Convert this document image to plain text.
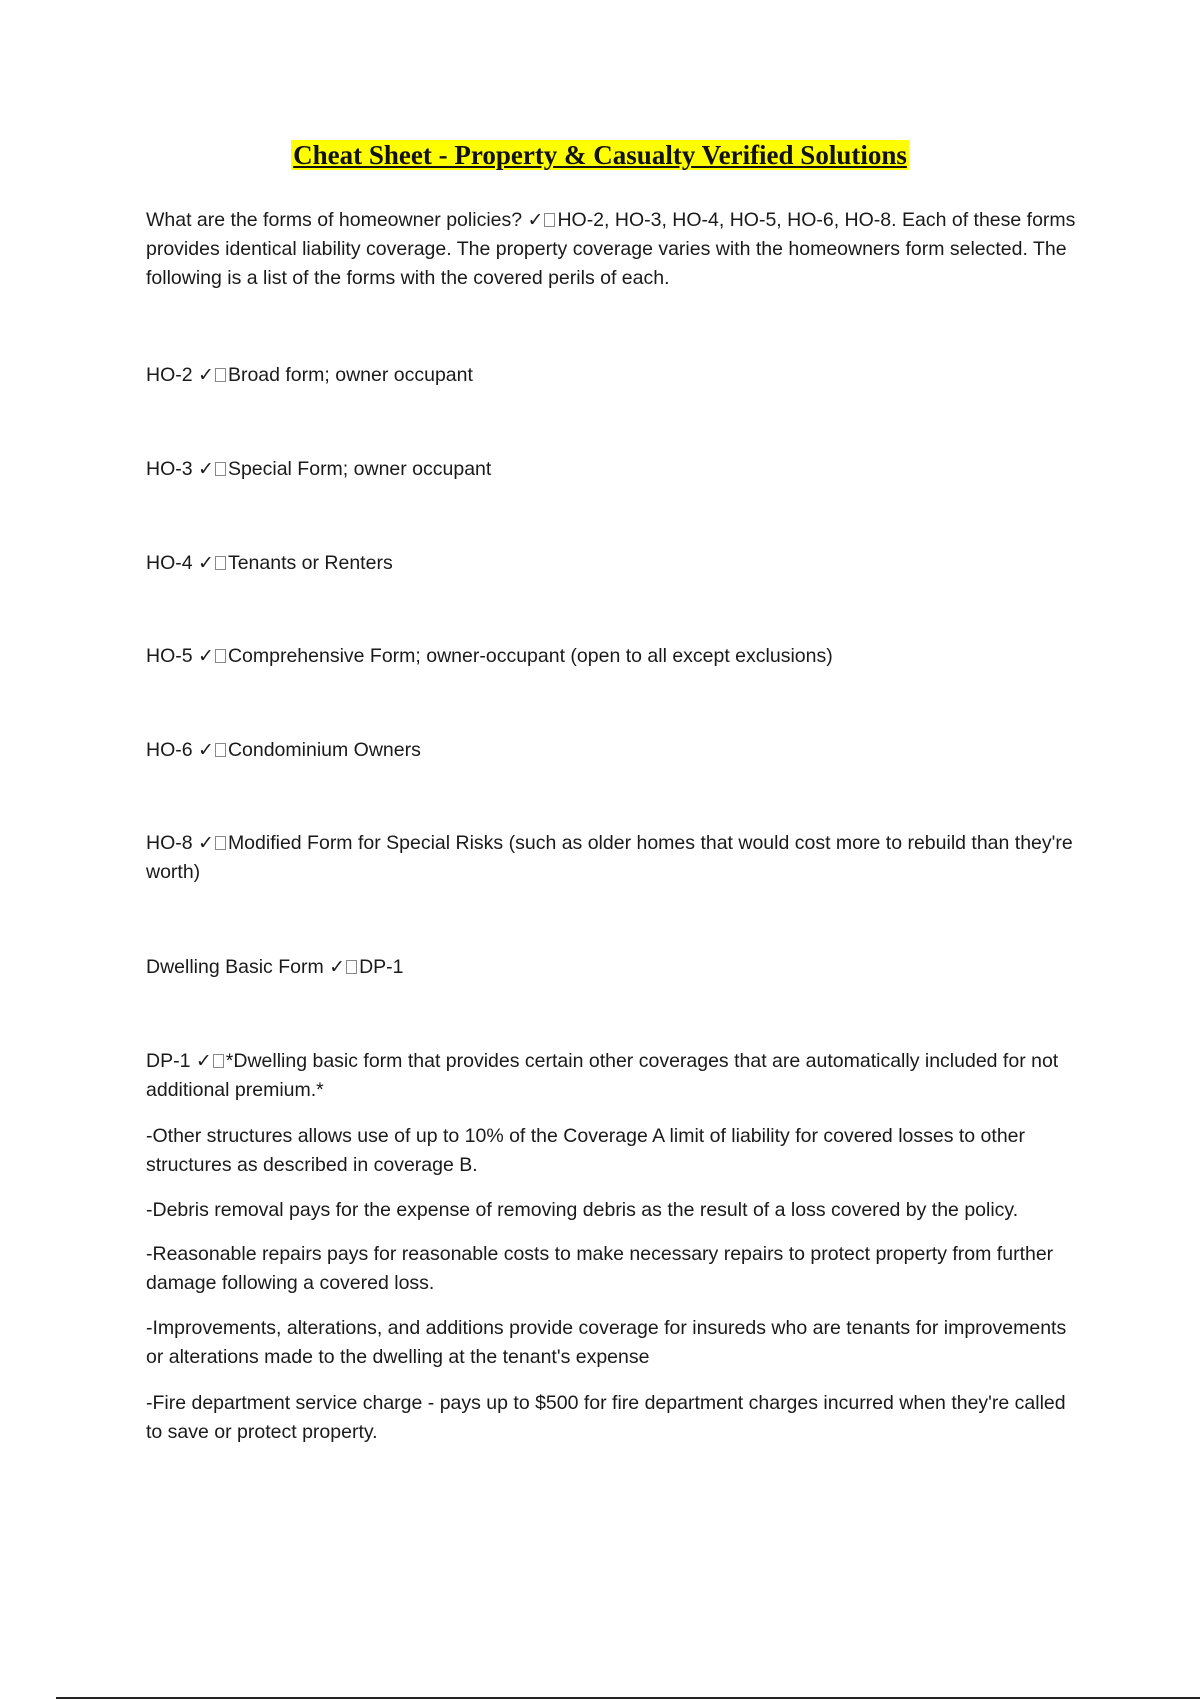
Cheat Sheet - Property & Casualty Verified Solutions

What are the forms of homeowner policies? ✓ HO-2, HO-3, HO-4, HO-5, HO-6, HO-8. Each of these forms provides identical liability coverage. The property coverage varies with the homeowners form selected. The following is a list of the forms with the covered perils of each.

HO-2 ✓ Broad form; owner occupant

HO-3 ✓ Special Form; owner occupant

HO-4 ✓ Tenants or Renters

HO-5 ✓ Comprehensive Form; owner-occupant (open to all except exclusions)

HO-6 ✓ Condominium Owners

HO-8 ✓ Modified Form for Special Risks (such as older homes that would cost more to rebuild than they're worth)

Dwelling Basic Form ✓ DP-1

DP-1 ✓ *Dwelling basic form that provides certain other coverages that are automatically included for not additional premium.*

-Other structures allows use of up to 10% of the Coverage A limit of liability for covered losses to other structures as described in coverage B.

-Debris removal pays for the expense of removing debris as the result of a loss covered by the policy.

-Reasonable repairs pays for reasonable costs to make necessary repairs to protect property from further damage following a covered loss.

-Improvements, alterations, and additions provide coverage for insureds who are tenants for improvements or alterations made to the dwelling at the tenant's expense

-Fire department service charge - pays up to $500 for fire department charges incurred when they're called to save or protect property.
